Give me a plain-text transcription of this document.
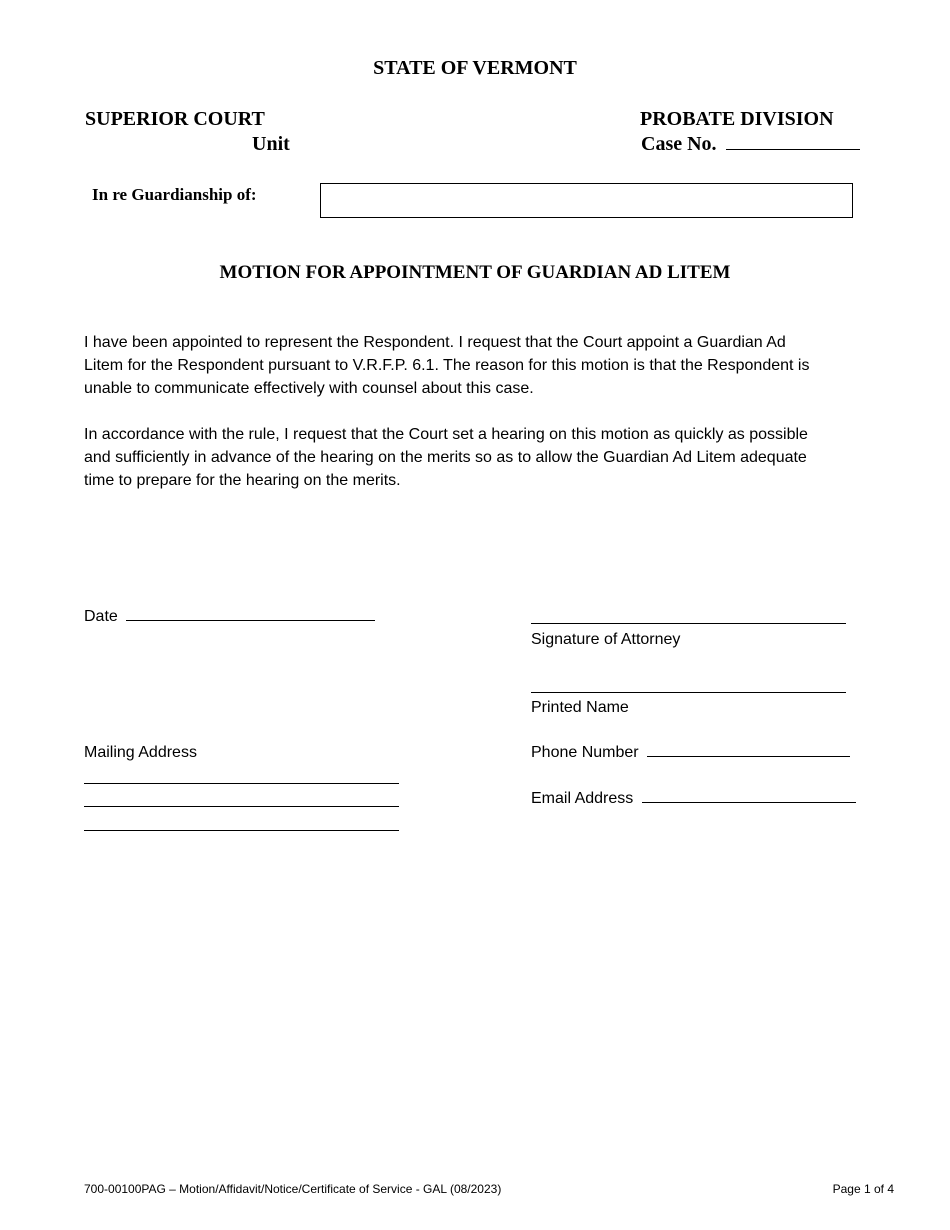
STATE OF VERMONT
SUPERIOR COURT
Unit
PROBATE DIVISION
Case No.
In re Guardianship of:
MOTION FOR APPOINTMENT OF GUARDIAN AD LITEM
I have been appointed to represent the Respondent. I request that the Court appoint a Guardian Ad
Litem for the Respondent pursuant to V.R.F.P. 6.1. The reason for this motion is that the Respondent is
unable to communicate effectively with counsel about this case.
In accordance with the rule, I request that the Court set a hearing on this motion as quickly as possible
and sufficiently in advance of the hearing on the merits so as to allow the Guardian Ad Litem adequate
time to prepare for the hearing on the merits.
Date
Signature of Attorney
Printed Name
Mailing Address	Phone Number
Email Address
700-00100PAG – Motion/Affidavit/Notice/Certificate of Service - GAL (08/2023)	Page 1 of 4
